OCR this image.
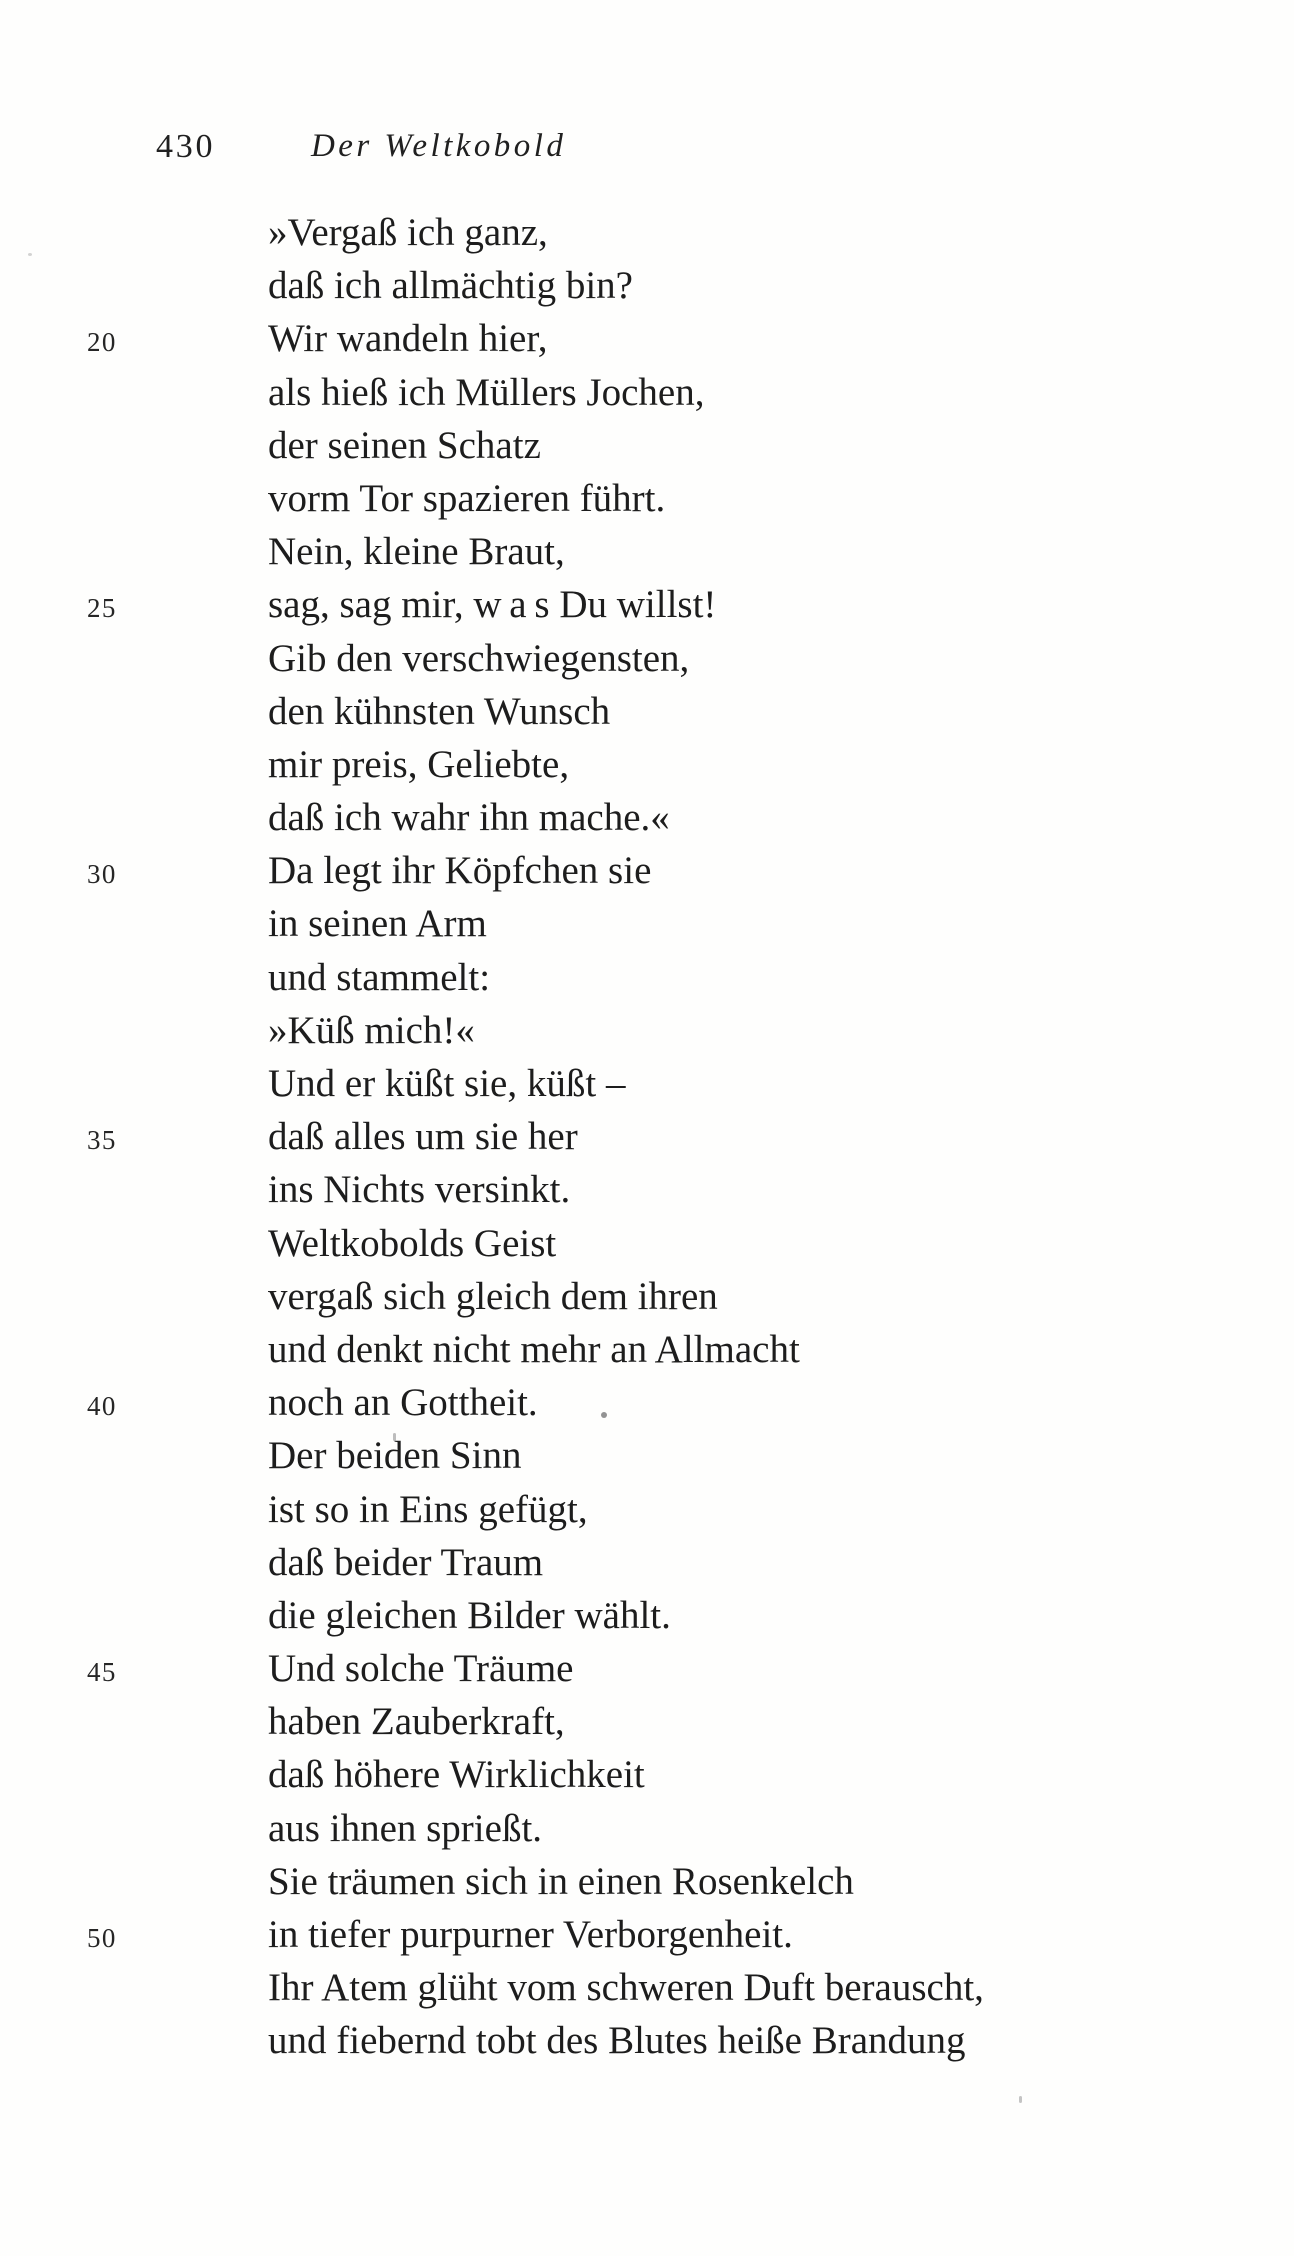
430	Der Weltkobold
»Vergaß ich ganz,
daß ich allmächtig bin?
20	Wir wandeln hier,
als hieß ich Müllers Jochen,
der seinen Schatz
vorm Tor spazieren führt.
Nein, kleine Braut,
25	sag, sag mir, w a s Du willst!
Gib den verschwiegensten,
den kühnsten Wunsch
mir preis, Geliebte,
daß ich wahr ihn mache.«
30	Da legt ihr Köpfchen sie
in seinen Arm
und stammelt:
»Küß mich!«
Und er küßt sie, küßt –
35	daß alles um sie her
ins Nichts versinkt.
Weltkobolds Geist
vergaß sich gleich dem ihren
und denkt nicht mehr an Allmacht
40	noch an Gottheit.
Der beiden Sinn
ist so in Eins gefügt,
daß beider Traum
die gleichen Bilder wählt.
45	Und solche Träume
haben Zauberkraft,
daß höhere Wirklichkeit
aus ihnen sprießt.
Sie träumen sich in einen Rosenkelch
50	in tiefer purpurner Verborgenheit.
Ihr Atem glüht vom schweren Duft berauscht,
und fiebernd tobt des Blutes heiße Brandung
